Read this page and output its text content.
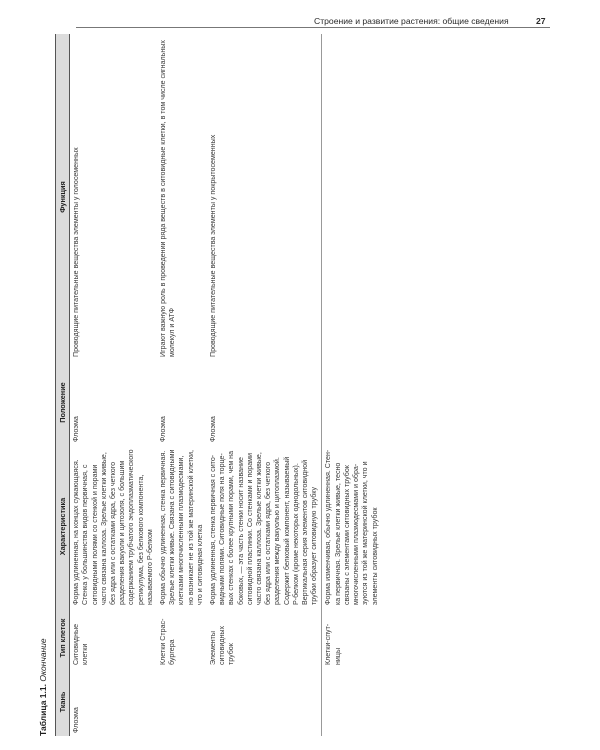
Строение и развитие растения: общие сведения	27
Таблица 1.1. Окончание
Ткань	Тип клеток	Характеристика	Положение	Функция
Флоэма	Ситовидные клетки	Форма удлиненная, на концах сужающаяся. Стенка у большинства видов первичная, с ситовидными полями со стенкой и порами часто связана каллоза. Зрелые клетки живые, без ядра или с остатками ядра, без четкого разделения вакуоли и цитозоля, с большим содержанием трубчатого эндоплазматического ретикулума, без белкового компонента, называемого Р-белком	Флоэма	Проводящие питательные вещества элементы у голосеменных
	Клетки Страсбургера	Форма обычно удлиненная, стенка первичная. Зрелые клетки живые. Связана с ситовидными клетками многочисленными плазмодесмами, но возникает не из той же материнской клетки, что и ситовидная клетка	Флоэма	Играют важную роль в проведении ряда веществ в ситовидные клетки, в том числе сигнальных молекул и АТФ
	Элементы ситовидных трубок	Форма удлиненная, стенка первичная с ситовидными полями. Ситовидные поля на торцевых стенках с более крупными порами, чем на боковых, — эта часть стенки носит название ситовидной пластинки. Со стенками и порами часто связана каллоза. Зрелые клетки живые, без ядра или с остатками ядра, без четкого разделения между вакуолью и цитоплазмой. Содержит белковый компонент, называемый Р-белком (кроме некоторых однодольных). Вертикальная серия элементов ситовидной трубки образует ситовидную трубку	Флоэма	Проводящие питательные вещества элементы у покрытосеменных
	Клетки-спутницы	Форма изменчивая, обычно удлиненная. Стенка первичная. Зрелые клетки живые, тесно связаны с элементами ситовидных трубок многочисленными плазмодесмами и образуются из той же материнской клетки, что и элементы ситовидных трубок		
